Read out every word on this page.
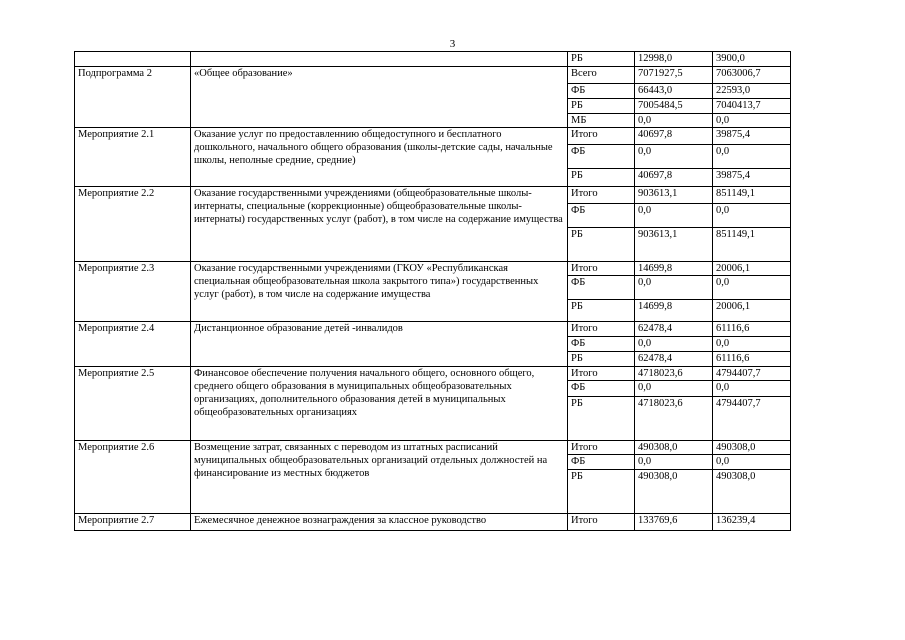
3
		РБ	12998,0	3900,0
Подпрограмма 2	«Общее образование»	Всего	7071927,5	7063006,7
		ФБ	66443,0	22593,0
		РБ	7005484,5	7040413,7
		МБ	0,0	0,0
Мероприятие 2.1	Оказание услуг по предоставленнию общедоступного и бесплатного дошкольного, начального общего образования (школы-детские сады, начальные школы, неполные средние, средние)	Итого	40697,8	39875,4
		ФБ	0,0	0,0
		РБ	40697,8	39875,4
Мероприятие 2.2	Оказание государственными учреждениями (общеобразовательные школы-интернаты, специальные (коррекционные) общеобразовательные школы-интернаты) государственных услуг (работ), в том числе на содержание имущества	Итого	903613,1	851149,1
		ФБ	0,0	0,0
		РБ	903613,1	851149,1
Мероприятие 2.3	Оказание государственными учреждениями (ГКОУ «Республиканская специальная общеобразовательная школа закрытого типа») государственных услуг (работ), в том числе на содержание имущества	Итого	14699,8	20006,1
		ФБ	0,0	0,0
		РБ	14699,8	20006,1
Мероприятие 2.4	Дистанционное образование детей -инвалидов	Итого	62478,4	61116,6
		ФБ	0,0	0,0
		РБ	62478,4	61116,6
Мероприятие 2.5	Финансовое обеспечение получения начального общего, основного общего, среднего общего образования в муниципальных общеобразовательных организациях, дополнительного образования детей в муниципальных общеобразовательных организациях	Итого	4718023,6	4794407,7
		ФБ	0,0	0,0
		РБ	4718023,6	4794407,7
Мероприятие 2.6	Возмещение затрат, связанных с переводом из штатных расписаний муниципальных общеобразовательных организаций отдельных должностей на финансирование из местных бюджетов	Итого	490308,0	490308,0
		ФБ	0,0	0,0
		РБ	490308,0	490308,0
Мероприятие 2.7	Ежемесячное денежное вознаграждения за классное руководство	Итого	133769,6	136239,4
